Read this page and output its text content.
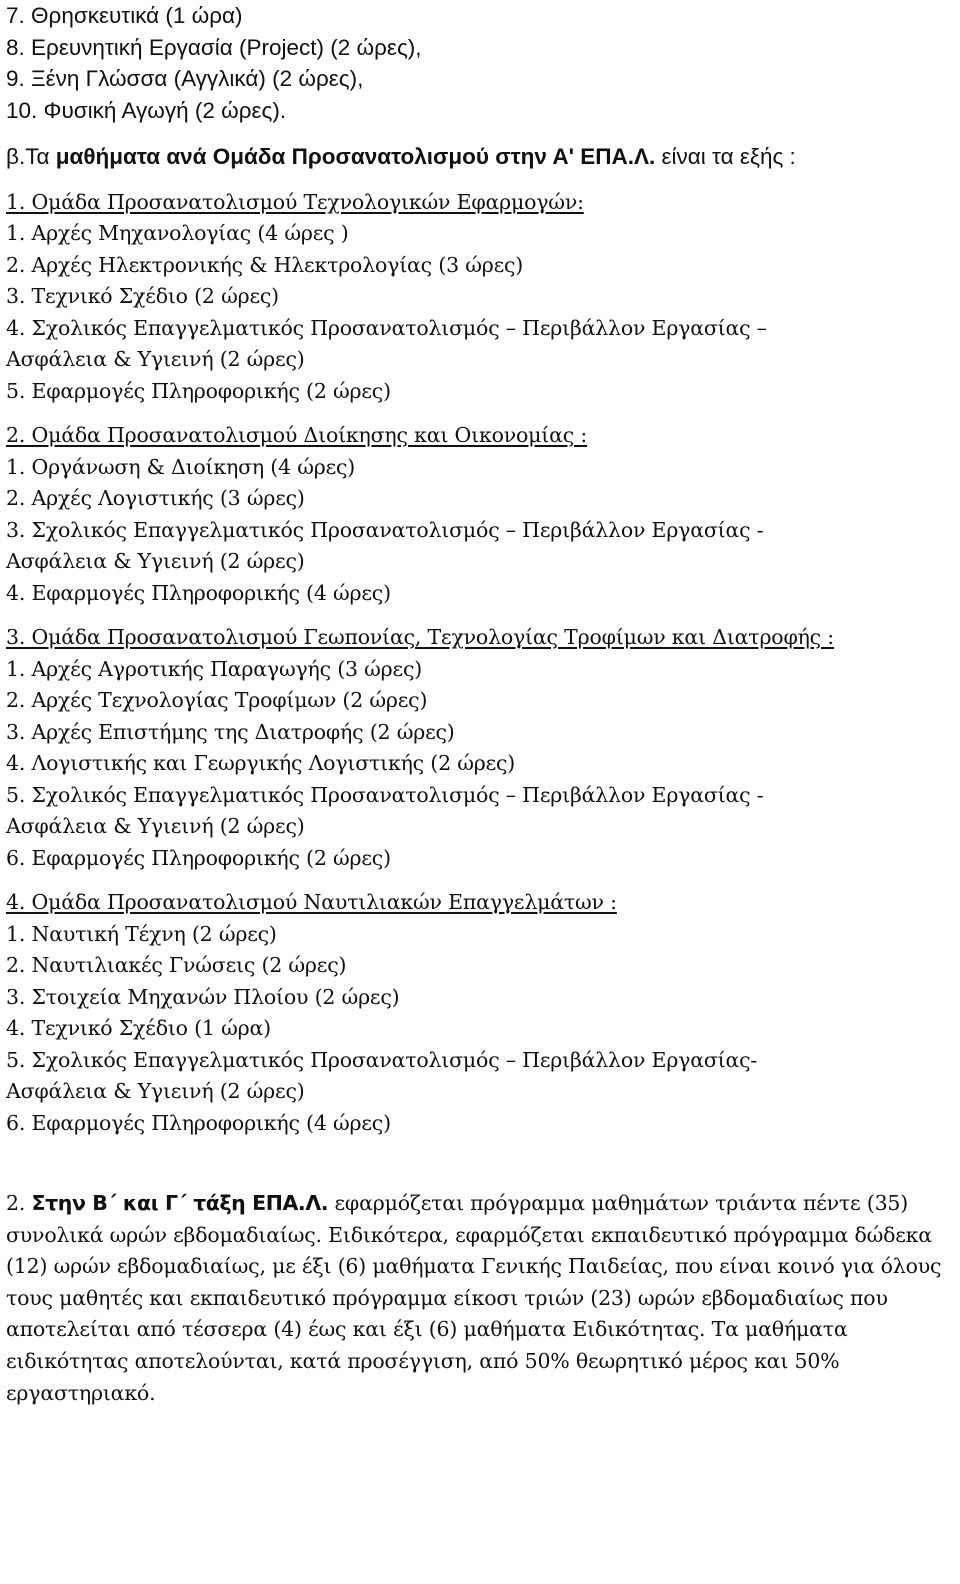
7. Θρησκευτικά (1 ώρα)
8. Ερευνητική Εργασία (Project) (2 ώρες),
9. Ξένη Γλώσσα (Αγγλικά) (2 ώρες),
10. Φυσική Αγωγή (2 ώρες).
β.Τα μαθήματα ανά Ομάδα Προσανατολισμού στην Α' ΕΠΑ.Λ. είναι τα εξής :
1. Ομάδα Προσανατολισμού Τεχνολογικών Εφαρμογών:
1. Αρχές Μηχανολογίας (4 ώρες )
2. Αρχές Ηλεκτρονικής & Ηλεκτρολογίας (3 ώρες)
3. Τεχνικό Σχέδιο (2 ώρες)
4. Σχολικός Επαγγελματικός Προσανατολισμός – Περιβάλλον Εργασίας –
Ασφάλεια & Υγιεινή (2 ώρες)
5. Εφαρμογές Πληροφορικής (2 ώρες)
2. Ομάδα Προσανατολισμού Διοίκησης και Οικονομίας :
1. Οργάνωση & Διοίκηση (4 ώρες)
2. Αρχές Λογιστικής (3 ώρες)
3. Σχολικός Επαγγελματικός Προσανατολισμός – Περιβάλλον Εργασίας -
Ασφάλεια & Υγιεινή (2 ώρες)
4. Εφαρμογές Πληροφορικής (4 ώρες)
3. Ομάδα Προσανατολισμού Γεωπονίας, Τεχνολογίας Τροφίμων και Διατροφής :
1. Αρχές Αγροτικής Παραγωγής (3 ώρες)
2. Αρχές Τεχνολογίας Τροφίμων (2 ώρες)
3. Αρχές Επιστήμης της Διατροφής (2 ώρες)
4. Λογιστικής και Γεωργικής Λογιστικής (2 ώρες)
5. Σχολικός Επαγγελματικός Προσανατολισμός – Περιβάλλον Εργασίας -
Ασφάλεια & Υγιεινή (2 ώρες)
6. Εφαρμογές Πληροφορικής (2 ώρες)
4. Ομάδα Προσανατολισμού Ναυτιλιακών Επαγγελμάτων :
1. Ναυτική Τέχνη (2 ώρες)
2. Ναυτιλιακές Γνώσεις (2 ώρες)
3. Στοιχεία Μηχανών Πλοίου (2 ώρες)
4. Τεχνικό Σχέδιο (1 ώρα)
5. Σχολικός Επαγγελματικός Προσανατολισμός – Περιβάλλον Εργασίας-
Ασφάλεια & Υγιεινή (2 ώρες)
6. Εφαρμογές Πληροφορικής (4 ώρες)
2. Στην Β΄ και Γ΄ τάξη ΕΠΑ.Λ. εφαρμόζεται πρόγραμμα μαθημάτων τριάντα πέντε (35) συνολικά ωρών εβδομαδιαίως. Ειδικότερα, εφαρμόζεται εκπαιδευτικό πρόγραμμα δώδεκα (12) ωρών εβδομαδιαίως, με έξι (6) μαθήματα Γενικής Παιδείας, που είναι κοινό για όλους τους μαθητές και εκπαιδευτικό πρόγραμμα είκοσι τριών (23) ωρών εβδομαδιαίως που αποτελείται από τέσσερα (4) έως και έξι (6) μαθήματα Ειδικότητας. Τα μαθήματα ειδικότητας αποτελούνται, κατά προσέγγιση, από 50% θεωρητικό μέρος και 50% εργαστηριακό.
